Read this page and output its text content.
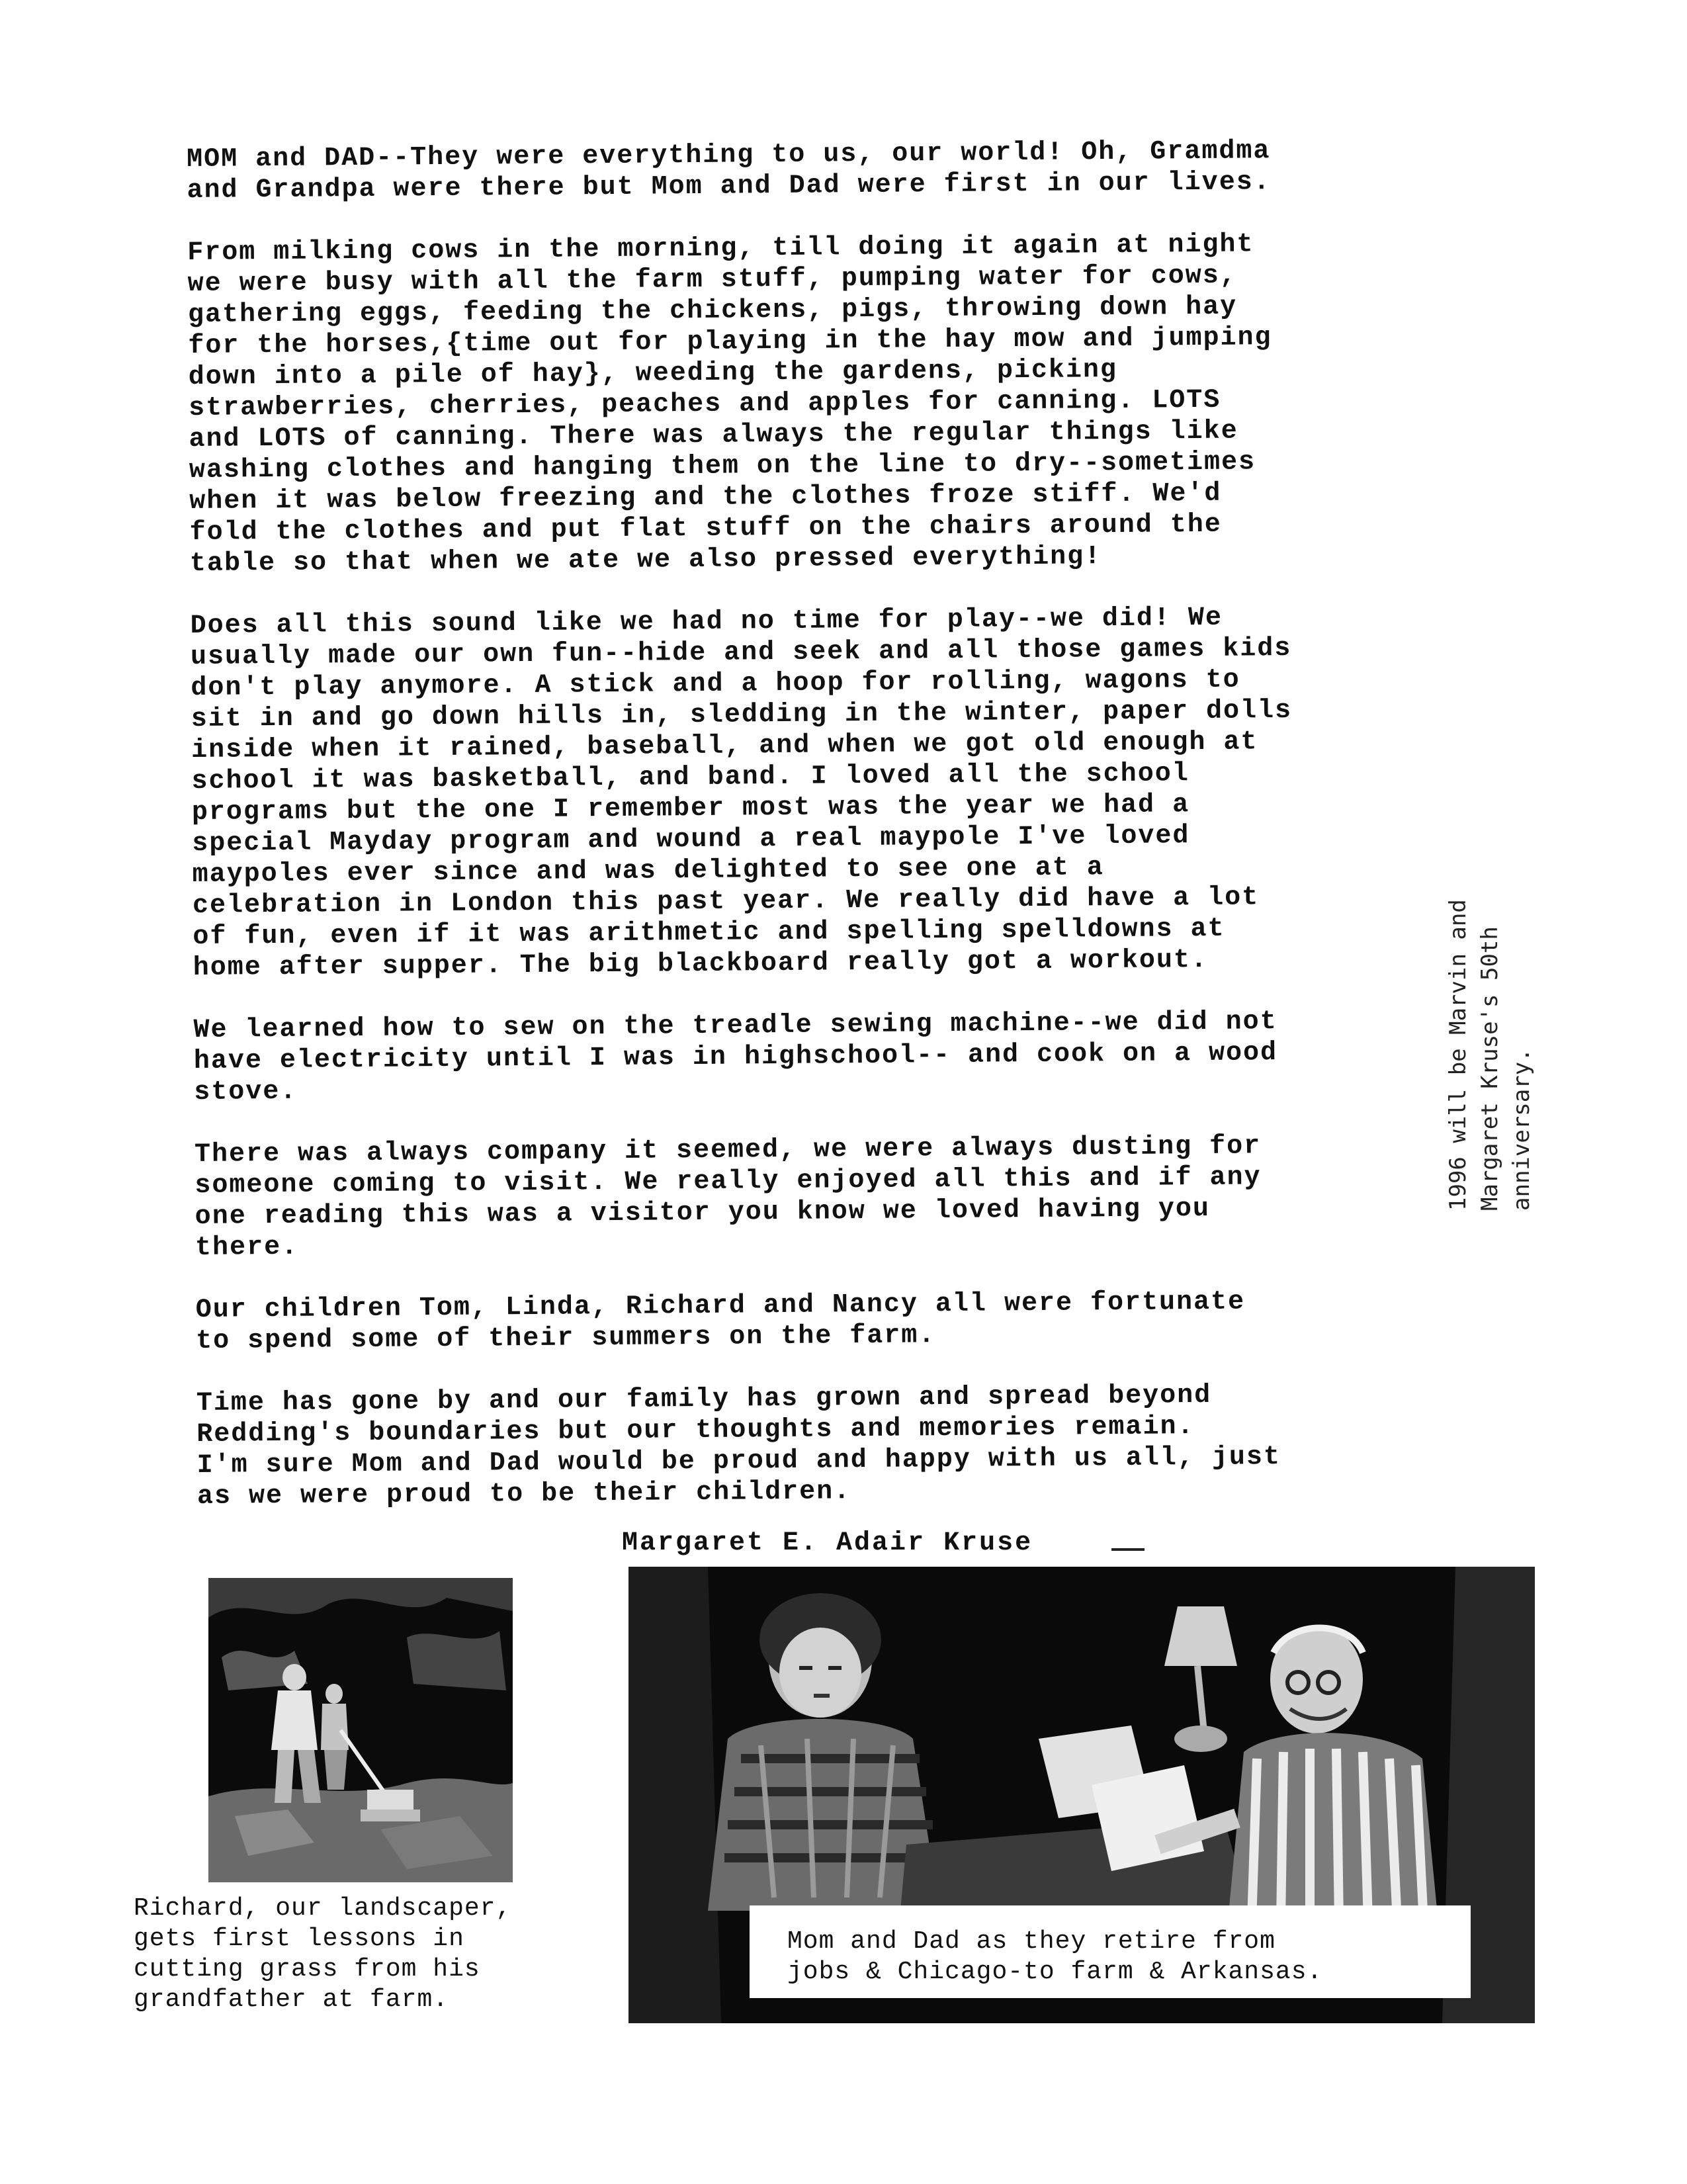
MOM and DAD--They were everything to us, our world! Oh, Gramdma
and Grandpa were there but Mom and Dad were first in our lives.

From milking cows in the morning, till doing it again at night
we were busy with all the farm stuff, pumping water for cows,
gathering eggs, feeding the chickens, pigs, throwing down hay
for the horses,{time out for playing in the hay mow and jumping
down into a pile of hay}, weeding the gardens, picking
strawberries, cherries, peaches and apples for canning. LOTS
and LOTS of canning. There was always the regular things like
washing clothes and hanging them on the line to dry--sometimes
when it was below freezing and the clothes froze stiff. We'd
fold the clothes and put flat stuff on the chairs around the
table so that when we ate we also pressed everything!

Does all this sound like we had no time for play--we did! We
usually made our own fun--hide and seek and all those games kids
don't play anymore. A stick and a hoop for rolling, wagons to
sit in and go down hills in, sledding in the winter, paper dolls
inside when it rained, baseball, and when we got old enough at
school it was basketball, and band. I loved all the school
programs but the one I remember most was the year we had a
special Mayday program and wound a real maypole I've loved
maypoles ever since and was delighted to see one at a
celebration in London this past year. We really did have a lot
of fun, even if it was arithmetic and spelling spelldowns at
home after supper. The big blackboard really got a workout.

We learned how to sew on the treadle sewing machine--we did not
have electricity until I was in highschool-- and cook on a wood
stove.

There was always company it seemed, we were always dusting for
someone coming to visit. We really enjoyed all this and if any
one reading this was a visitor you know we loved having you
there.

Our children Tom, Linda, Richard and Nancy all were fortunate
to spend some of their summers on the farm.

Time has gone by and our family has grown and spread beyond
Redding's boundaries but our thoughts and memories remain.
I'm sure Mom and Dad would be proud and happy with us all, just
as we were proud to be their children.

Margaret E. Adair Kruse
1996 will be Marvin and
Margaret Kruse's 50th
anniversary.
Richard, our landscaper,
gets first lessons in
cutting grass from his
grandfather at farm.
Mom and Dad as they retire from
jobs & Chicago-to farm & Arkansas.
